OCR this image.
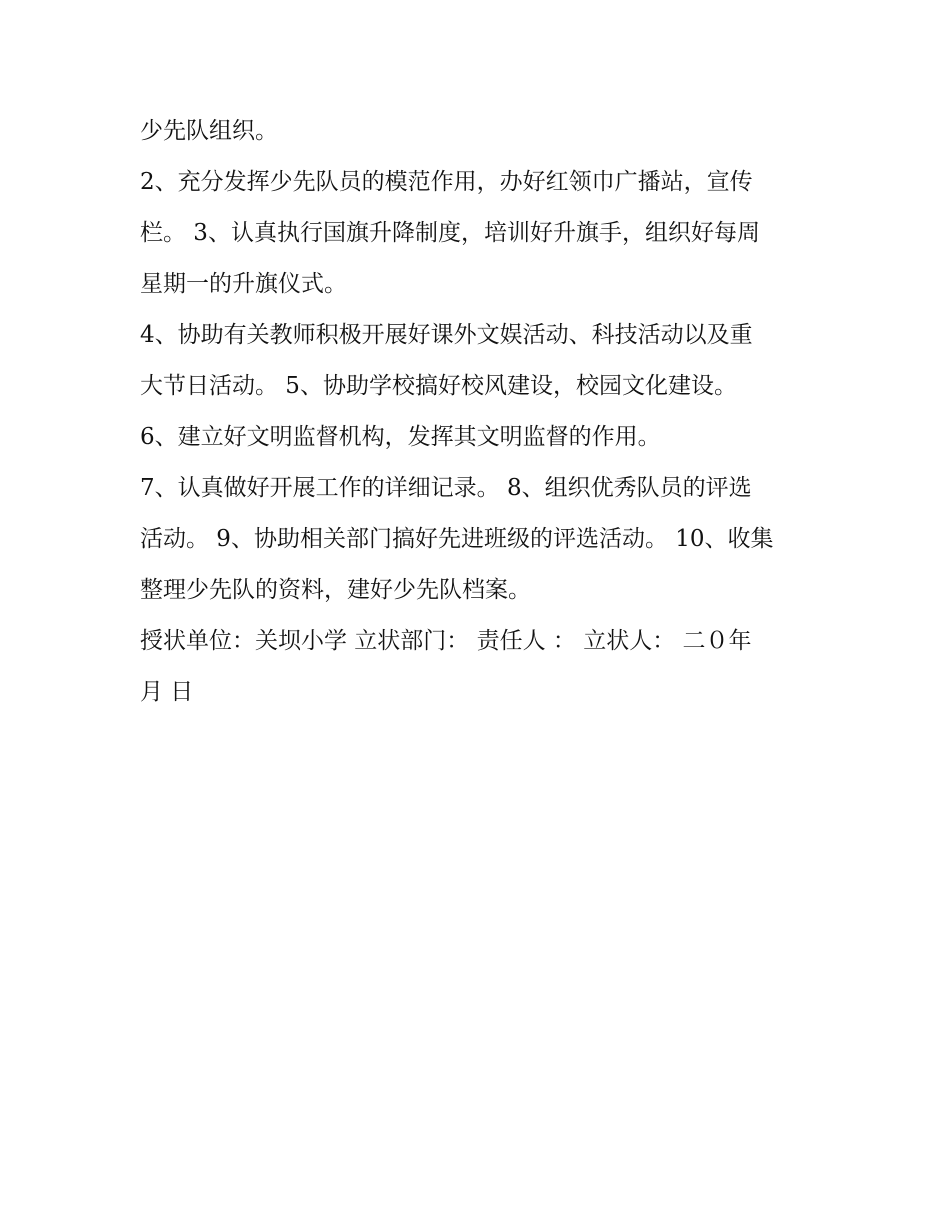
少先队组织。
2、充分发挥少先队员的模范作用，办好红领巾广播站，宣传
栏。 3、认真执行国旗升降制度，培训好升旗手，组织好每周
星期一的升旗仪式。
4、协助有关教师积极开展好课外文娱活动、科技活动以及重
大节日活动。 5、协助学校搞好校风建设，校园文化建设。
6、建立好文明监督机构，发挥其文明监督的作用。
7、认真做好开展工作的详细记录。 8、组织优秀队员的评选
活动。 9、协助相关部门搞好先进班级的评选活动。 10、收集
整理少先队的资料，建好少先队档案。
授状单位：关坝小学 立状部门： 责任人 ： 立状人： 二０年
月 日
